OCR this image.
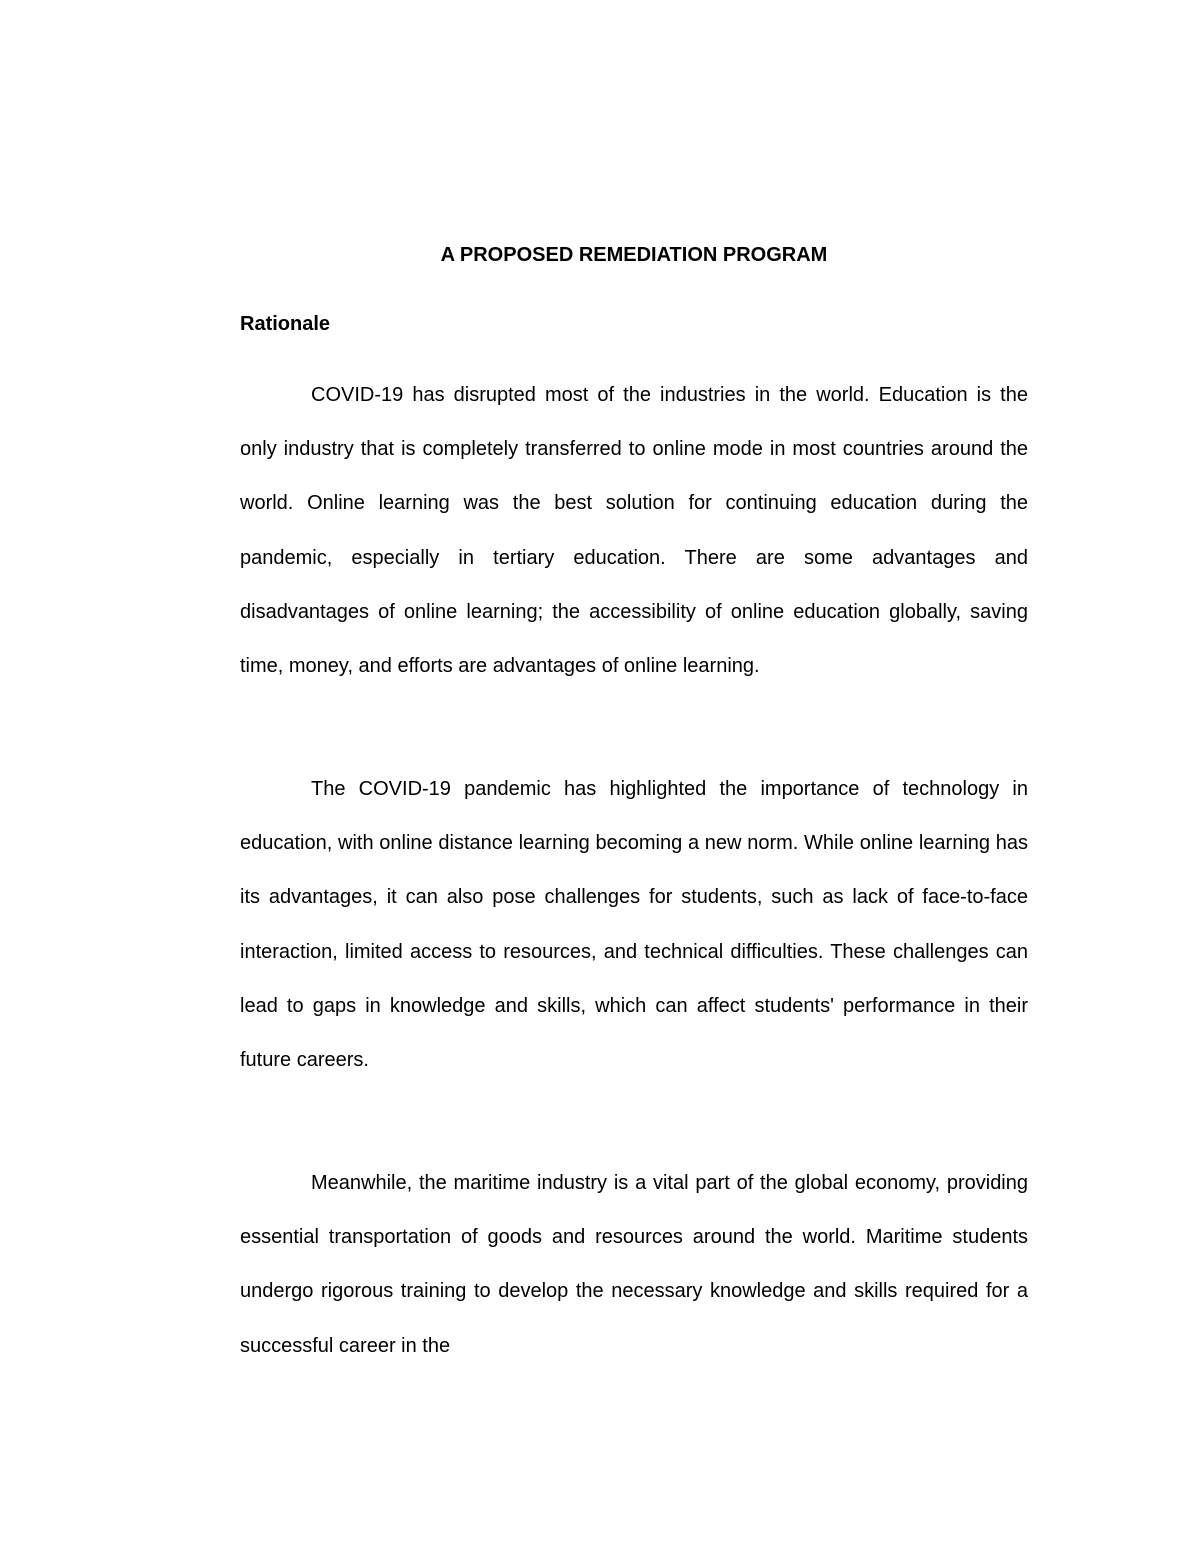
A PROPOSED REMEDIATION PROGRAM

Rationale

COVID-19 has disrupted most of the industries in the world. Education is the only industry that is completely transferred to online mode in most countries around the world. Online learning was the best solution for continuing education during the pandemic, especially in tertiary education. There are some advantages and disadvantages of online learning; the accessibility of online education globally, saving time, money, and efforts are advantages of online learning.

The COVID-19 pandemic has highlighted the importance of technology in education, with online distance learning becoming a new norm. While online learning has its advantages, it can also pose challenges for students, such as lack of face-to-face interaction, limited access to resources, and technical difficulties. These challenges can lead to gaps in knowledge and skills, which can affect students' performance in their future careers.

Meanwhile, the maritime industry is a vital part of the global economy, providing essential transportation of goods and resources around the world. Maritime students undergo rigorous training to develop the necessary knowledge and skills required for a successful career in the
